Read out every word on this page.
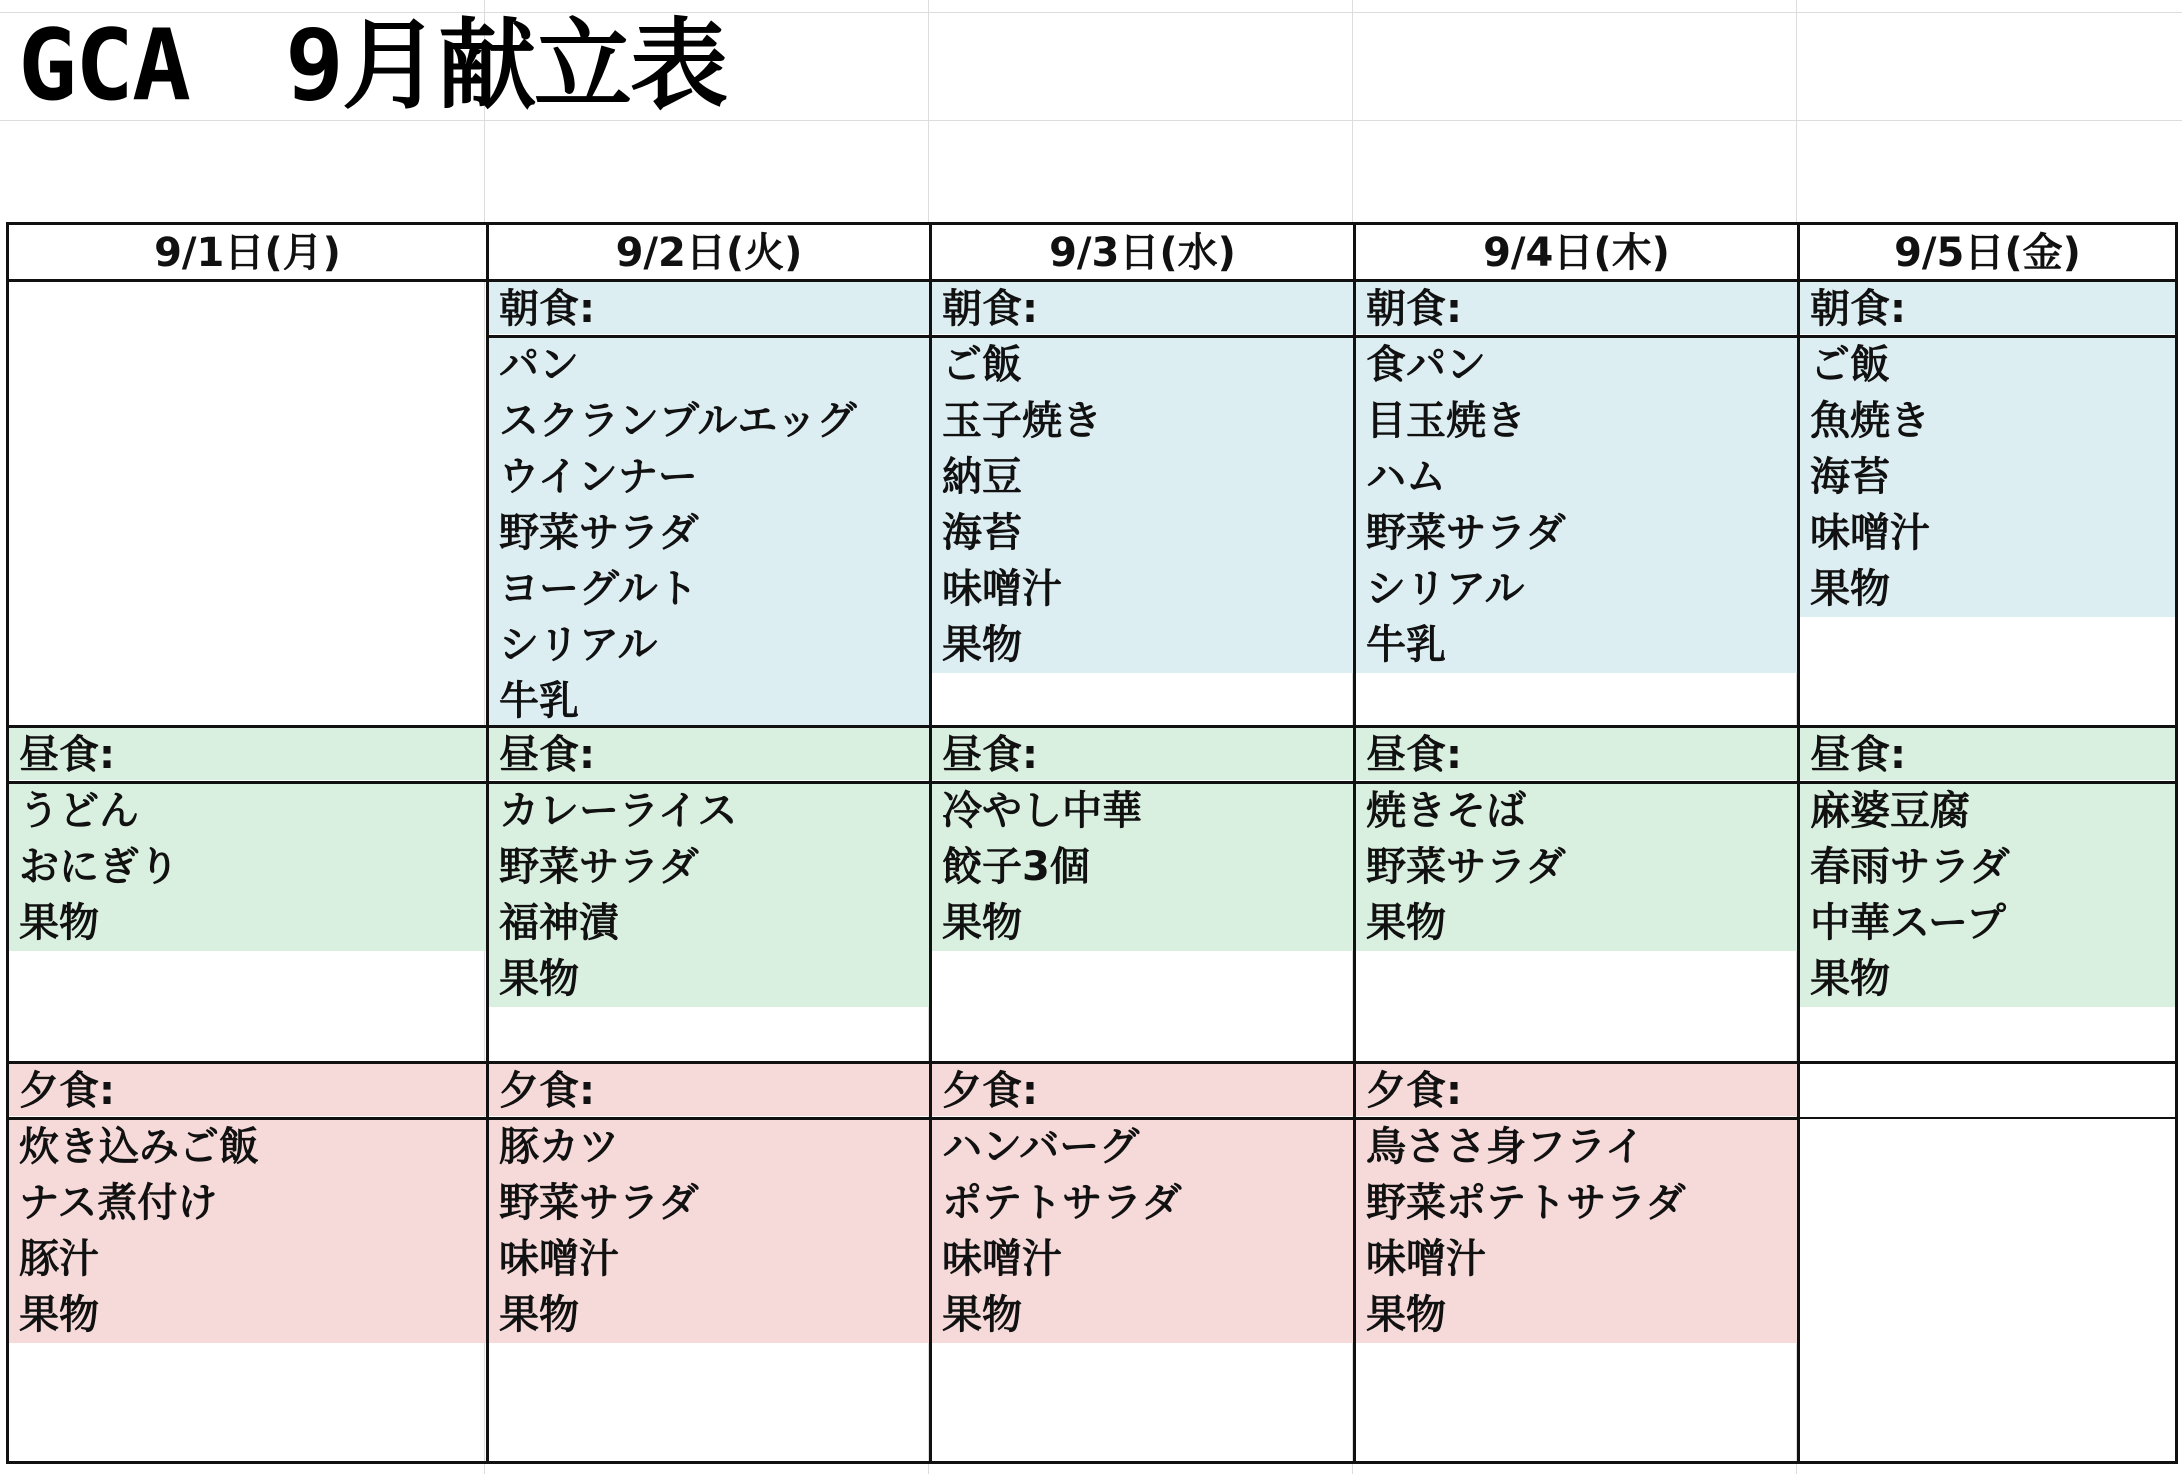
GCA　9月献立表
9/1日(月)
昼食:
うどん
おにぎり
果物
夕食:
炊き込みご飯
ナス煮付け
豚汁
果物
9/2日(火)
朝食:
パン
スクランブルエッグ
ウインナー
野菜サラダ
ヨーグルト
シリアル
牛乳
昼食:
カレーライス
野菜サラダ
福神漬
果物
夕食:
豚カツ
野菜サラダ
味噌汁
果物
9/3日(水)
朝食:
ご飯
玉子焼き
納豆
海苔
味噌汁
果物
昼食:
冷やし中華
餃子3個
果物
夕食:
ハンバーグ
ポテトサラダ
味噌汁
果物
9/4日(木)
朝食:
食パン
目玉焼き
ハム
野菜サラダ
シリアル
牛乳
昼食:
焼きそば
野菜サラダ
果物
夕食:
鳥ささ身フライ
野菜ポテトサラダ
味噌汁
果物
9/5日(金)
朝食:
ご飯
魚焼き
海苔
味噌汁
果物
昼食:
麻婆豆腐
春雨サラダ
中華スープ
果物
